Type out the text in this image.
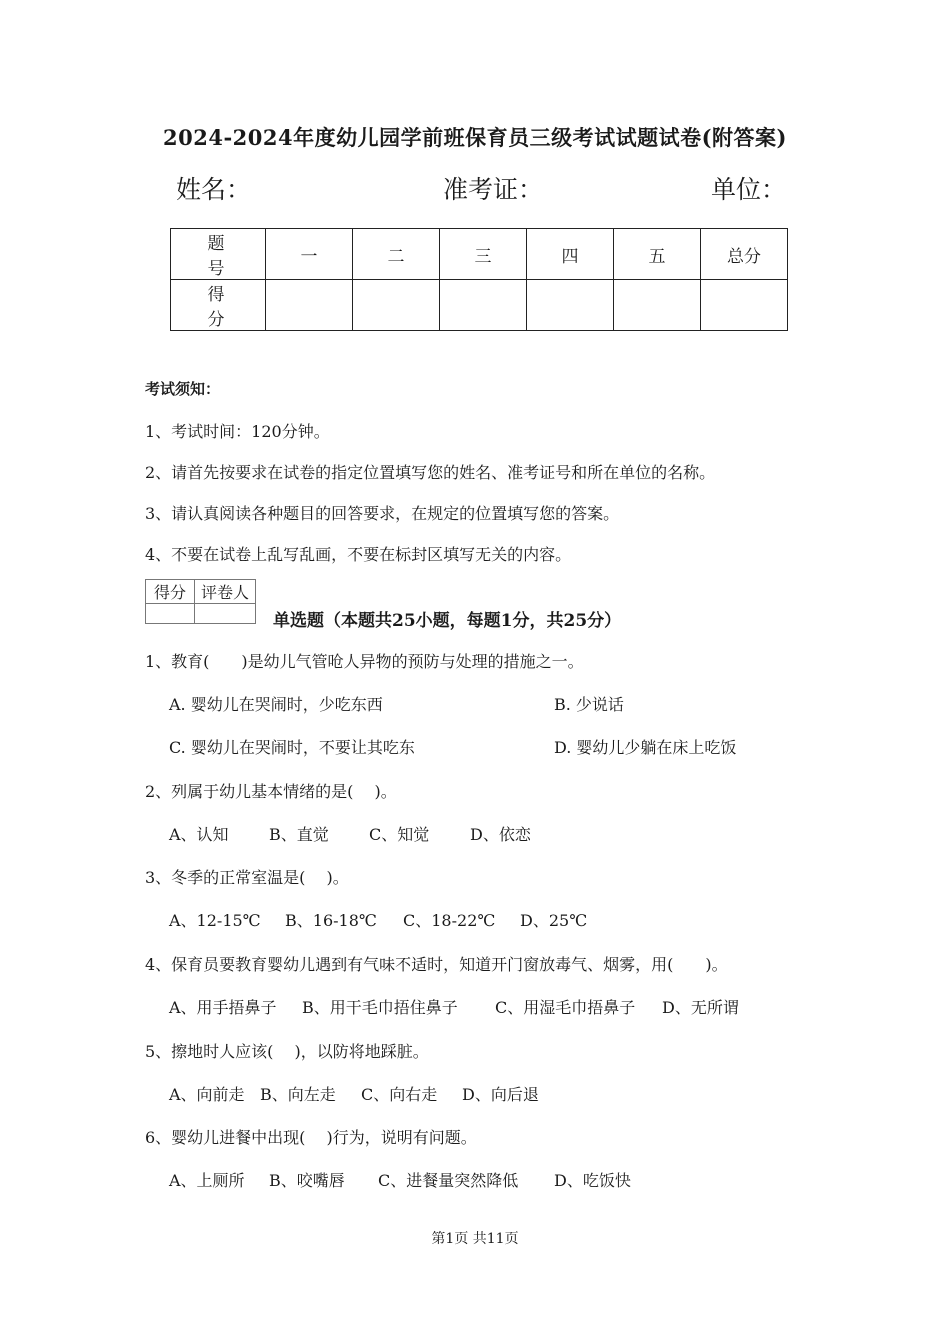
2024-2024年度幼儿园学前班保育员三级考试试题试卷(附答案)
姓名：	准考证：	单位：
题　号	一	二	三	四	五	总分
得　分						
考试须知：
1、考试时间：120分钟。
2、请首先按要求在试卷的指定位置填写您的姓名、准考证号和所在单位的名称。
3、请认真阅读各种题目的回答要求，在规定的位置填写您的答案。
4、不要在试卷上乱写乱画，不要在标封区填写无关的内容。
得分	评卷人

单选题（本题共25小题，每题1分，共25分）
1、教育(　　)是幼儿气管呛人异物的预防与处理的措施之一。
A. 婴幼儿在哭闹时，少吃东西	B. 少说话
C. 婴幼儿在哭闹时，不要让其吃东	D. 婴幼儿少躺在床上吃饭
2、列属于幼儿基本情绪的是(　 )。
A、认知	B、直觉	C、知觉	D、依恋
3、冬季的正常室温是(　 )。
A、12-15℃ B、16-18℃ C、18-22℃ D、25℃
4、保育员要教育婴幼儿遇到有气味不适时，知道开门窗放毒气、烟雾，用(　　)。
A、用手捂鼻子 B、用干毛巾捂住鼻子 C、用湿毛巾捂鼻子 D、无所谓
5、擦地时人应该(　 )，以防将地踩脏。
A、向前走 B、向左走 C、向右走 D、向后退
6、婴幼儿进餐中出现(　 )行为，说明有问题。
A、上厕所 B、咬嘴唇 C、进餐量突然降低 D、吃饭快
第1页 共11页
